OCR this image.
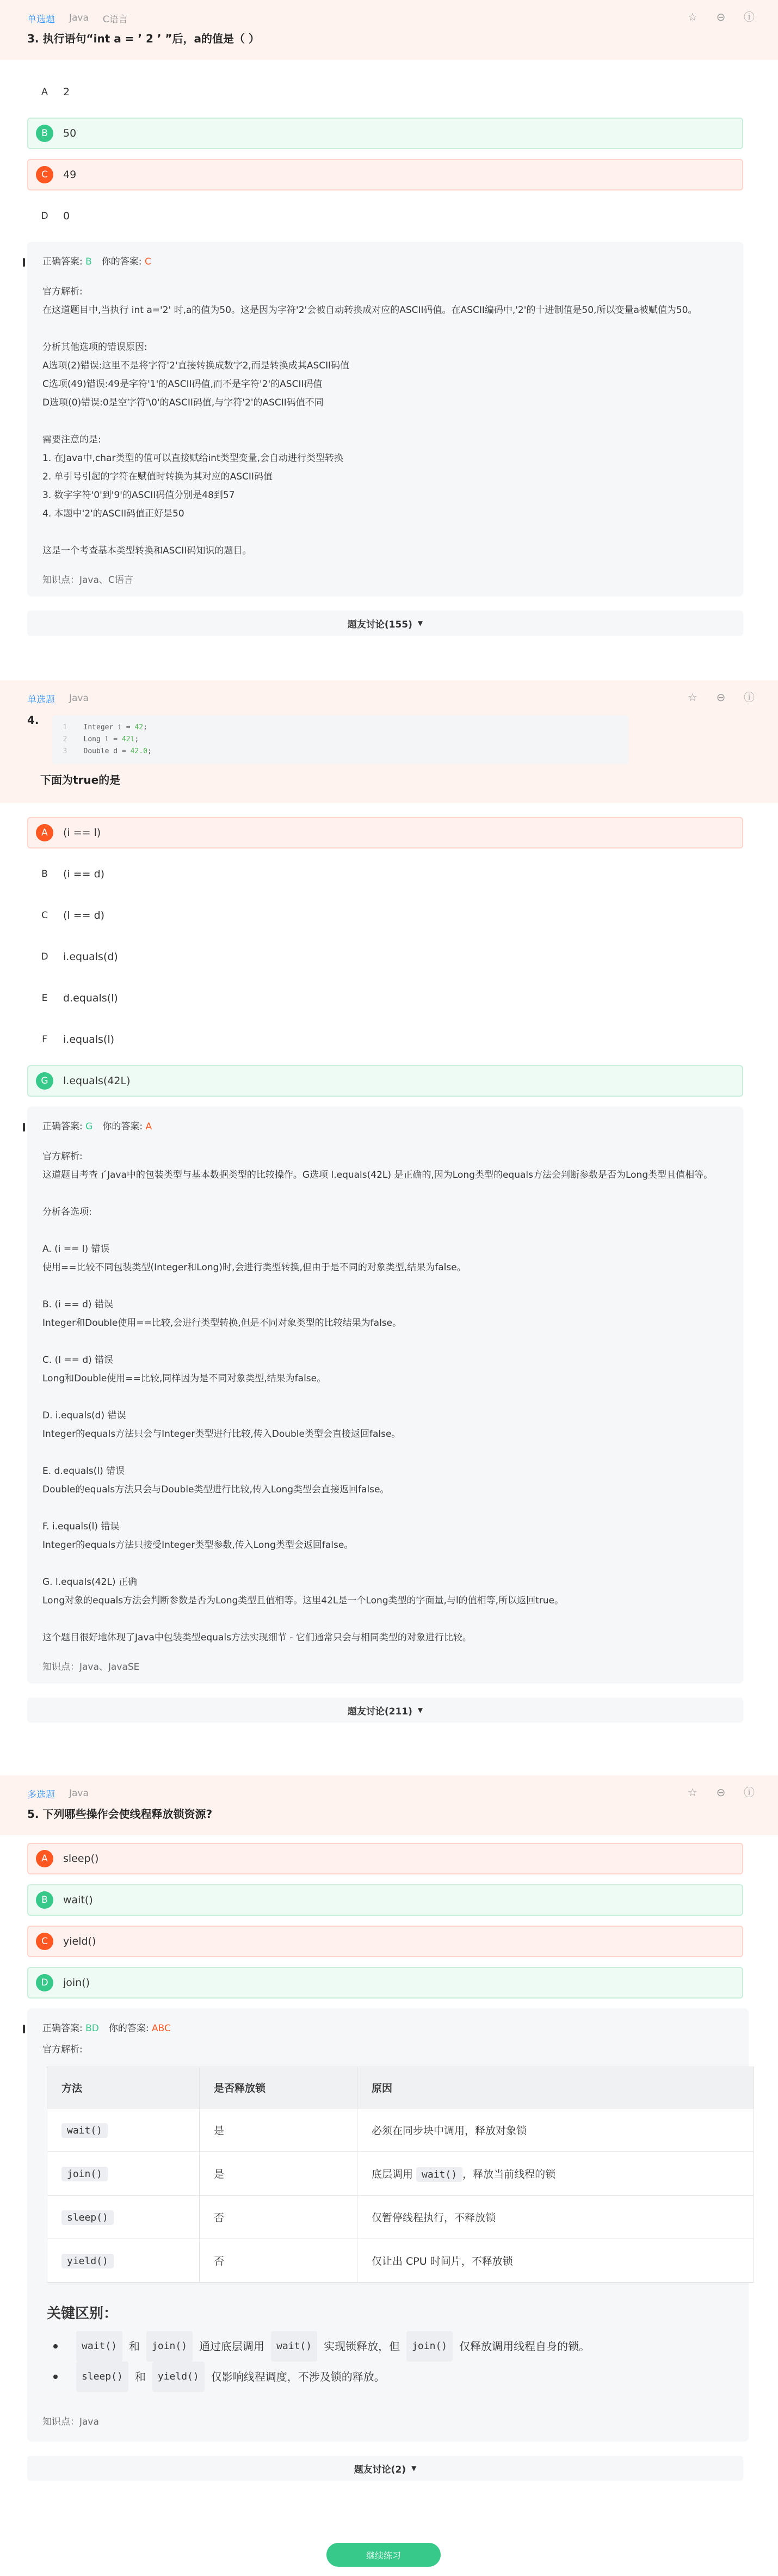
单选题 Java C语言	☆ ⊖ ⓘ
3. 执行语句“int a = ’ 2 ’ ”后，a的值是（ ）
A	2
B	50
C	49
D	0
正确答案: B 你的答案: C

官方解析:
在这道题目中,当执行 int a='2' 时,a的值为50。这是因为字符'2'会被自动转换成对应的ASCII码值。在ASCII编码中,'2'的十进制值是50,所以变量a被赋值为50。

分析其他选项的错误原因:
A选项(2)错误:这里不是将字符'2'直接转换成数字2,而是转换成其ASCII码值
C选项(49)错误:49是字符'1'的ASCII码值,而不是字符'2'的ASCII码值
D选项(0)错误:0是空字符'\0'的ASCII码值,与字符'2'的ASCII码值不同

需要注意的是:
1. 在Java中,char类型的值可以直接赋给int类型变量,会自动进行类型转换
2. 单引号引起的字符在赋值时转换为其对应的ASCII码值
3. 数字字符'0'到'9'的ASCII码值分别是48到57
4. 本题中'2'的ASCII码值正好是50

这是一个考查基本类型转换和ASCII码知识的题目。

知识点：Java、C语言
题友讨论(155) ▼
单选题 Java	☆ ⊖ ⓘ
4.
1 Integer i = 42;
2 Long l = 42l;
3 Double d = 42.0;
下面为true的是
A	(i == l)
B	(i == d)
C	(l == d)
D	i.equals(d)
E	d.equals(l)
F	i.equals(l)
G	l.equals(42L)
正确答案: G 你的答案: A

官方解析:
这道题目考查了Java中的包装类型与基本数据类型的比较操作。G选项 l.equals(42L) 是正确的,因为Long类型的equals方法会判断参数是否为Long类型且值相等。

分析各选项:

A. (i == l) 错误
使用==比较不同包装类型(Integer和Long)时,会进行类型转换,但由于是不同的对象类型,结果为false。

B. (i == d) 错误
Integer和Double使用==比较,会进行类型转换,但是不同对象类型的比较结果为false。

C. (l == d) 错误
Long和Double使用==比较,同样因为是不同对象类型,结果为false。

D. i.equals(d) 错误
Integer的equals方法只会与Integer类型进行比较,传入Double类型会直接返回false。

E. d.equals(l) 错误
Double的equals方法只会与Double类型进行比较,传入Long类型会直接返回false。

F. i.equals(l) 错误
Integer的equals方法只接受Integer类型参数,传入Long类型会返回false。

G. l.equals(42L) 正确
Long对象的equals方法会判断参数是否为Long类型且值相等。这里42L是一个Long类型的字面量,与l的值相等,所以返回true。

这个题目很好地体现了Java中包装类型equals方法实现细节 - 它们通常只会与相同类型的对象进行比较。

知识点：Java、JavaSE
题友讨论(211) ▼
多选题 Java	☆ ⊖ ⓘ
5. 下列哪些操作会使线程释放锁资源?
A	sleep()
B	wait()
C	yield()
D	join()
正确答案: BD 你的答案: ABC

官方解析:

方法	是否释放锁	原因
wait()	是	必须在同步块中调用，释放对象锁
join()	是	底层调用 wait() ，释放当前线程的锁
sleep()	否	仅暂停线程执行，不释放锁
yield()	否	仅让出 CPU 时间片，不释放锁
关键区别：
wait()	和	join()	通过底层调用	wait()	实现锁释放，但	join()	仅释放调用线程自身的锁。
sleep()	和	yield()	仅影响线程调度，不涉及锁的释放。
知识点：Java
题友讨论(2) ▼
继续练习
